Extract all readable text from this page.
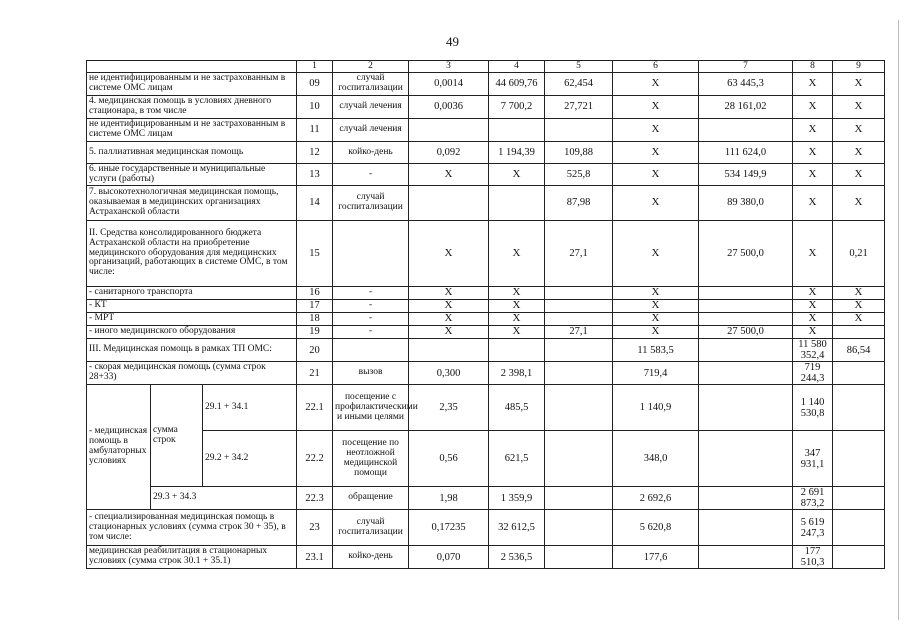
49
			1	2	3	4	5	6	7	8	9
не идентифицированным и не застрахованным в системе ОМС лицам			09	случай госпитализации	0,0014	44 609,76	62,454	X	63 445,3	X	X
4. медицинская помощь в условиях дневного стационара, в том числе			10	случай лечения	0,0036	7 700,2	27,721	X	28 161,02	X	X
не идентифицированным и не застрахованным в системе ОМС лицам			11	случай лечения				X		X	X
5. паллиативная медицинская помощь			12	койко-день	0,092	1 194,39	109,88	X	111 624,0	X	X
6. иные государственные и муниципальные услуги (работы)			13	-	X	X	525,8	X	534 149,9	X	X
7. высокотехнологичная медицинская помощь, оказываемая в медицинских организациях Астраханской области			14	случай госпитализации			87,98	X	89 380,0	X	X
II. Средства консолидированного бюджета Астраханской области на приобретение медицинского оборудования для медицинских организаций, работающих в системе ОМС, в том числе:			15		X	X	27,1	X	27 500,0	X	0,21
- санитарного транспорта			16	-	X	X		X		X	X
- КТ			17	-	X	X		X		X	X
- МРТ			18	-	X	X		X		X	X
- иного медицинского оборудования			19	-	X	X	27,1	X	27 500,0	X	
III. Медицинская помощь в рамках ТП ОМС:			20					11 583,5		11 580 352,4	86,54
- скорая медицинская помощь (сумма строк 28+33)			21	вызов	0,300	2 398,1		719,4		719 244,3	
- медицинская помощь в амбулаторных условиях	сумма строк	29.1 + 34.1	22.1	посещение с профилактическими и иными целями	2,35	485,5		1 140,9		1 140 530,8	
		29.2 + 34.2	22.2	посещение по неотложной медицинской помощи	0,56	621,5		348,0		347 931,1	
	29.3 + 34.3		22.3	обращение	1,98	1 359,9		2 692,6		2 691 873,2	
- специализированная медицинская помощь в стационарных условиях (сумма строк 30 + 35), в том числе:			23	случай госпитализации	0,17235	32 612,5		5 620,8		5 619 247,3	
медицинская реабилитация в стационарных условиях (сумма строк 30.1 + 35.1)			23.1	койко-день	0,070	2 536,5		177,6		177 510,3	
